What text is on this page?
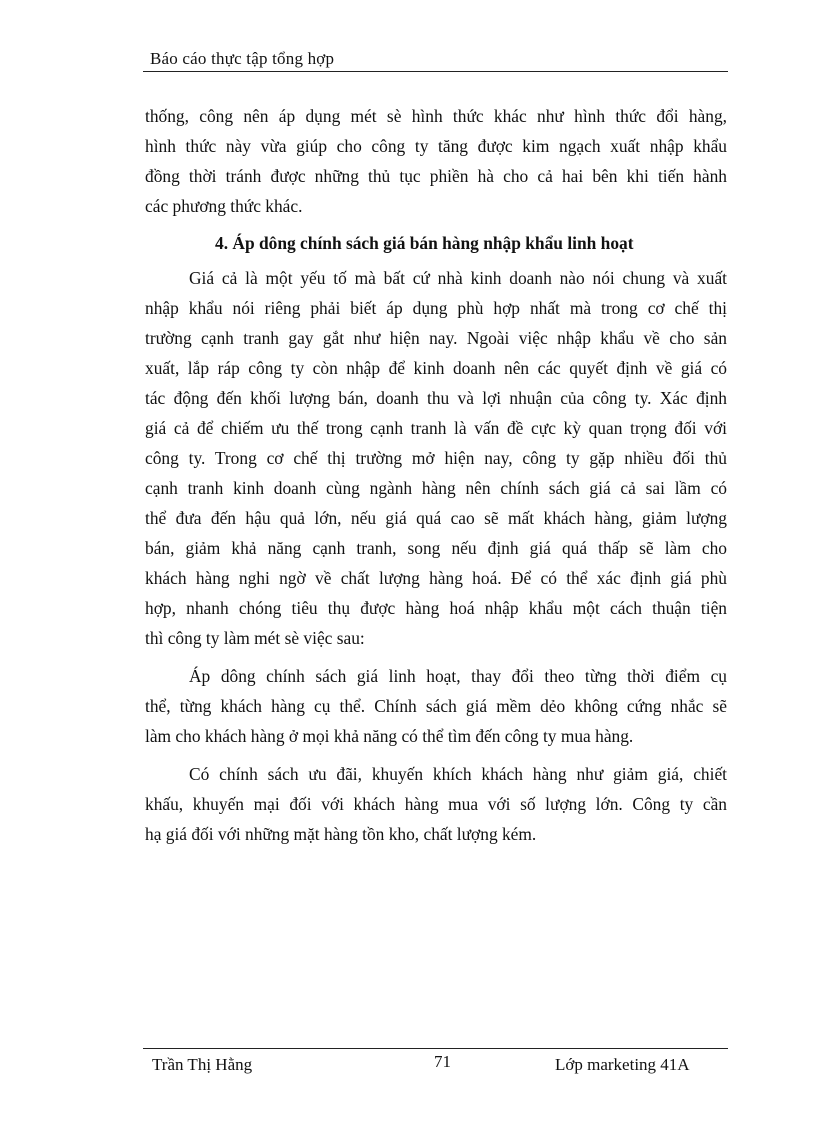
Báo cáo thực tập tổng hợp
thống, công nên áp dụng mét sè hình thức khác như hình thức đổi hàng,
hình thức này vừa giúp cho công ty tăng được kim ngạch xuất nhập khẩu
đồng thời tránh được những thủ tục phiền hà cho cả hai bên khi tiến hành
các phương thức khác.
4. Áp dông chính sách giá bán hàng nhập khẩu linh hoạt
Giá cả là một yếu tố mà bất cứ nhà kinh doanh nào nói chung và xuất
nhập khẩu nói riêng phải biết áp dụng phù hợp nhất mà trong cơ chế thị
trường cạnh tranh gay gắt như hiện nay. Ngoài việc nhập khẩu về cho sản
xuất, lắp ráp công ty còn nhập để kinh doanh nên các quyết định về giá có
tác động đến khối lượng bán, doanh thu và lợi nhuận của công ty. Xác định
giá cả để chiếm ưu thế trong cạnh tranh là vấn đề cực kỳ quan trọng đối với
công ty. Trong cơ chế thị trường mở hiện nay, công ty gặp nhiều đối thủ
cạnh tranh kinh doanh cùng ngành hàng nên chính sách giá cả sai lầm có
thể đưa đến hậu quả lớn, nếu giá quá cao sẽ mất khách hàng, giảm lượng
bán, giảm khả năng cạnh tranh, song nếu định giá quá thấp sẽ làm cho
khách hàng nghi ngờ về chất lượng hàng hoá. Để có thể xác định giá phù
hợp, nhanh chóng tiêu thụ được hàng hoá nhập khẩu một cách thuận tiện
thì công ty làm mét sè việc sau:
Áp dông chính sách giá linh hoạt, thay đổi theo từng thời điểm cụ
thể, từng khách hàng cụ thể. Chính sách giá mềm dẻo không cứng nhắc sẽ
làm cho khách hàng ở mọi khả năng có thể tìm đến công ty mua hàng.
Có chính sách ưu đãi, khuyến khích khách hàng như giảm giá, chiết
khấu, khuyến mại đối với khách hàng mua với số lượng lớn. Công ty cần
hạ giá đối với những mặt hàng tồn kho, chất lượng kém.
Trần Thị Hằng	71	Lớp marketing 41A
